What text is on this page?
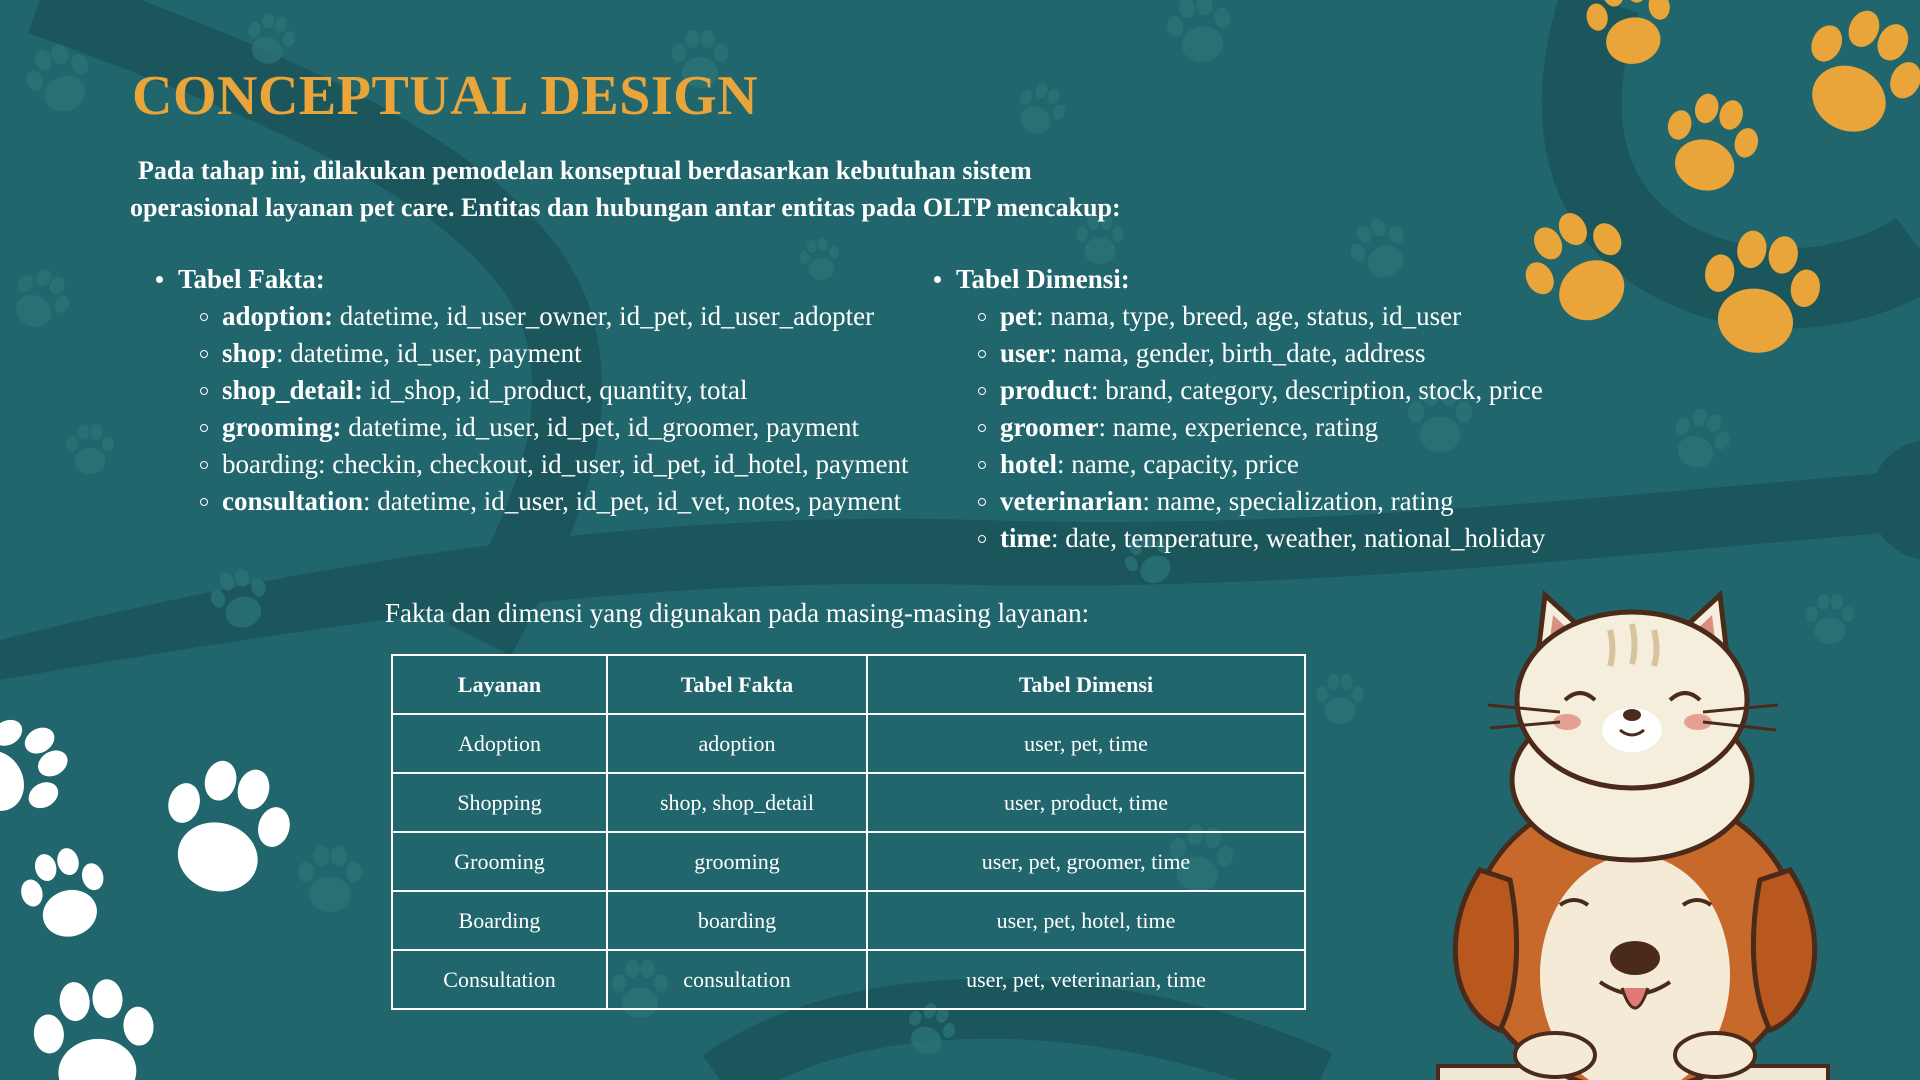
CONCEPTUAL DESIGN

Pada tahap ini, dilakukan pemodelan konseptual berdasarkan kebutuhan sistem
operasional layanan pet care. Entitas dan hubungan antar entitas pada OLTP mencakup:

Tabel Fakta:
adoption: datetime, id_user_owner, id_pet, id_user_adopter
shop: datetime, id_user, payment
shop_detail: id_shop, id_product, quantity, total
grooming: datetime, id_user, id_pet, id_groomer, payment
boarding: checkin, checkout, id_user, id_pet, id_hotel, payment
consultation: datetime, id_user, id_pet, id_vet, notes, payment
Tabel Dimensi:
pet: nama, type, breed, age, status, id_user
user: nama, gender, birth_date, address
product: brand, category, description, stock, price
groomer: name, experience, rating
hotel: name, capacity, price
veterinarian: name, specialization, rating
time: date, temperature, weather, national_holiday
Fakta dan dimensi yang digunakan pada masing-masing layanan:
Layanan	Tabel Fakta	Tabel Dimensi
Adoption	adoption	user, pet, time
Shopping	shop, shop_detail	user, product, time
Grooming	grooming	user, pet, groomer, time
Boarding	boarding	user, pet, hotel, time
Consultation	consultation	user, pet, veterinarian, time
